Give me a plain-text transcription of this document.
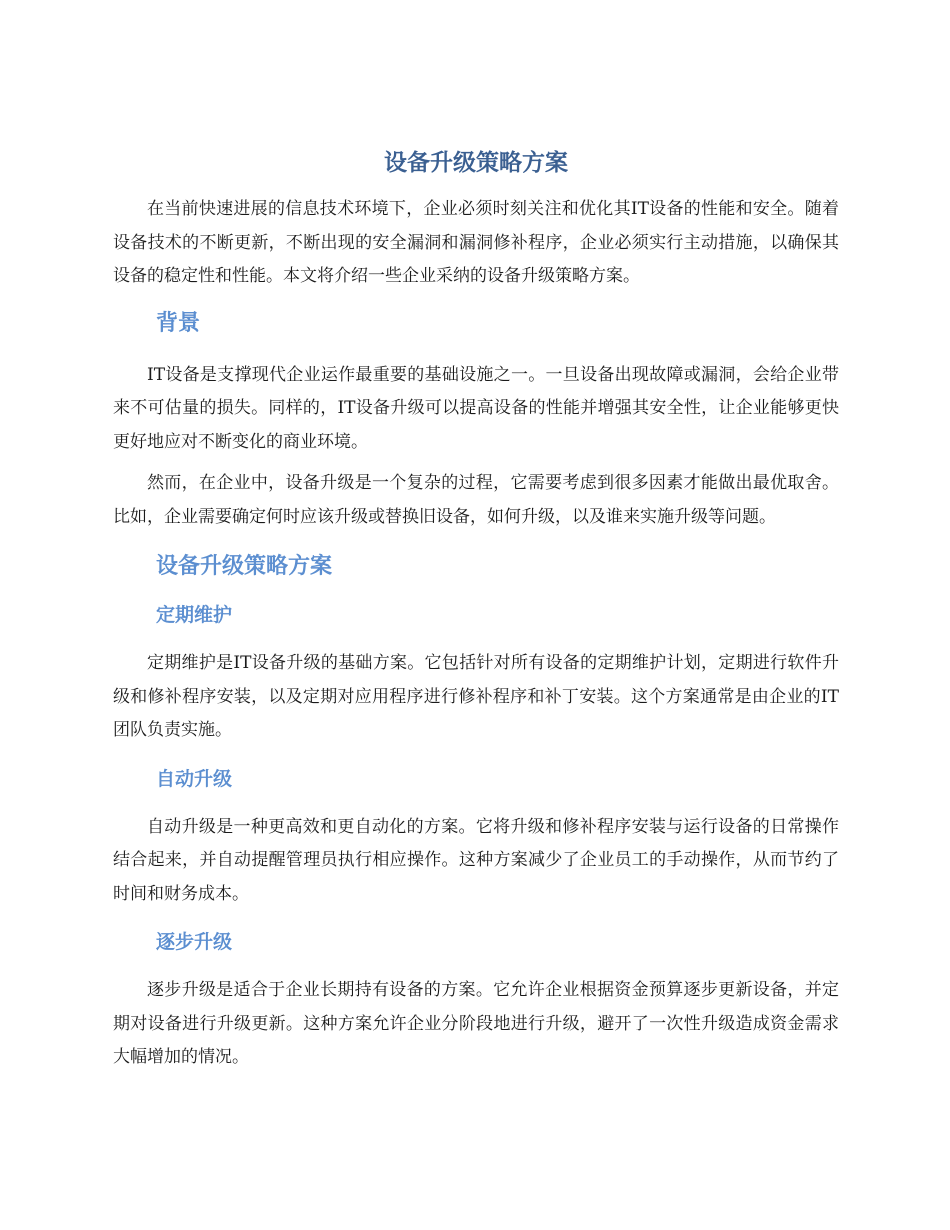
设备升级策略方案

在当前快速进展的信息技术环境下，企业必须时刻关注和优化其IT设备的性能和安全。随着设备技术的不断更新，不断出现的安全漏洞和漏洞修补程序，企业必须实行主动措施，以确保其设备的稳定性和性能。本文将介绍一些企业采纳的设备升级策略方案。

背景

IT设备是支撑现代企业运作最重要的基础设施之一。一旦设备出现故障或漏洞，会给企业带来不可估量的损失。同样的，IT设备升级可以提高设备的性能并增强其安全性，让企业能够更快更好地应对不断变化的商业环境。

然而，在企业中，设备升级是一个复杂的过程，它需要考虑到很多因素才能做出最优取舍。比如，企业需要确定何时应该升级或替换旧设备，如何升级，以及谁来实施升级等问题。

设备升级策略方案
定期维护

定期维护是IT设备升级的基础方案。它包括针对所有设备的定期维护计划，定期进行软件升级和修补程序安装，以及定期对应用程序进行修补程序和补丁安装。这个方案通常是由企业的IT团队负责实施。

自动升级

自动升级是一种更高效和更自动化的方案。它将升级和修补程序安装与运行设备的日常操作结合起来，并自动提醒管理员执行相应操作。这种方案减少了企业员工的手动操作，从而节约了时间和财务成本。

逐步升级

逐步升级是适合于企业长期持有设备的方案。它允许企业根据资金预算逐步更新设备，并定期对设备进行升级更新。这种方案允许企业分阶段地进行升级，避开了一次性升级造成资金需求大幅增加的情况。
